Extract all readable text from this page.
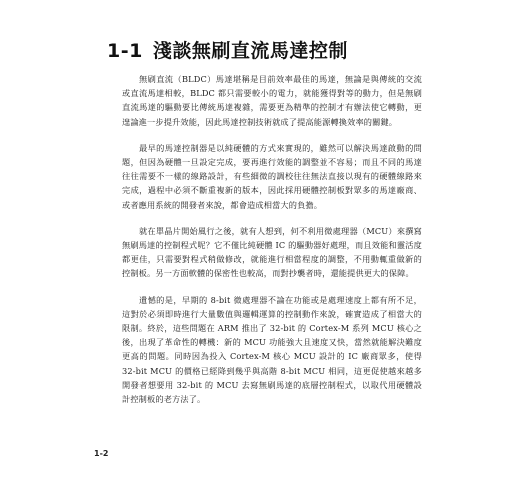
1-1 淺談無刷直流馬達控制

無刷直流（BLDC）馬達堪稱是目前效率最佳的馬達，無論是與傳統的交流或直流馬達相較，BLDC 都只需要較小的電力，就能獲得對等的動力，但是無刷直流馬達的驅動要比傳統馬達複雜，需要更為精準的控制才有辦法使它轉動，更遑論進一步提升效能，因此馬達控制技術就成了提高能源轉換效率的關鍵。

最早的馬達控制器是以純硬體的方式來實現的，雖然可以解決馬達啟動的問題，但因為硬體一旦設定完成，要再進行效能的調整並不容易；而且不同的馬達往往需要不一樣的線路設計，有些細微的調校往往無法直接以現有的硬體線路來完成，過程中必須不斷重複新的版本，因此採用硬體控制板對眾多的馬達廠商、或者應用系統的開發者來說，都會造成相當大的負擔。

就在單晶片開始風行之後，就有人想到，何不利用微處理器（MCU）來撰寫無刷馬達的控制程式呢？它不僅比純硬體 IC 的驅動器好處理，而且效能和靈活度都更佳，只需要對程式稍做修改，就能進行相當程度的調整，不用動輒重做新的控制板。另一方面軟體的保密性也較高，而對抄襲者時，還能提供更大的保障。

遺憾的是，早期的 8-bit 微處理器不論在功能或是處理速度上都有所不足，這對於必須即時進行大量數值與邏輯運算的控制動作來說，確實造成了相當大的限制。終於，這些問題在 ARM 推出了 32-bit 的 Cortex-M 系列 MCU 核心之後，出現了革命性的轉機：新的 MCU 功能強大且速度又快，當然就能解決難度更高的問題。同時因為投入 Cortex-M 核心 MCU 設計的 IC 廠商眾多，使得 32-bit MCU 的價格已經降到幾乎與高階 8-bit MCU 相同，這更促使越來越多開發者想要用 32-bit 的 MCU 去寫無刷馬達的底層控制程式，以取代用硬體設計控制板的老方法了。

1-2
